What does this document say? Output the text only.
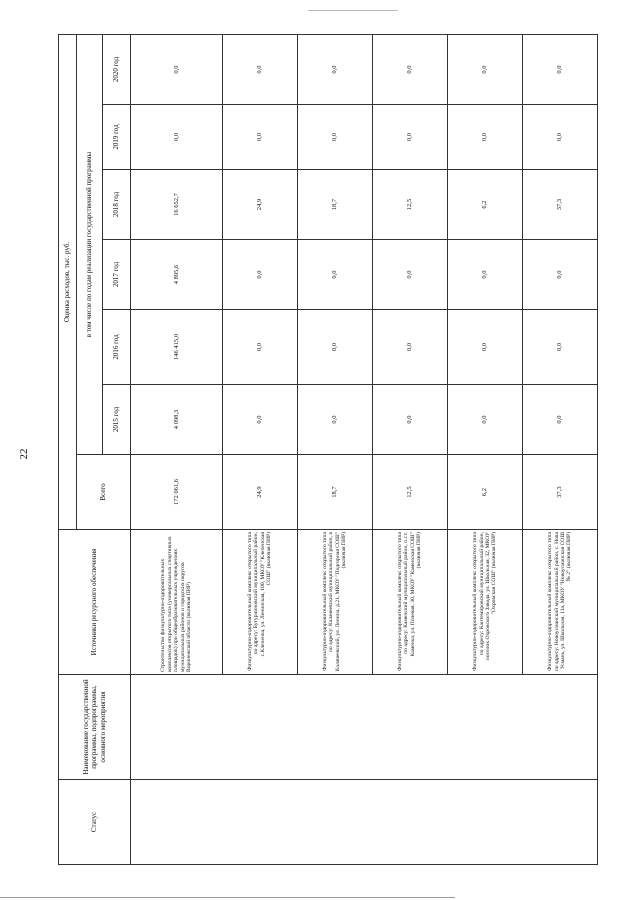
22
Статус	Наименование государственной программы, подпрограммы, основного мероприятия	Источники ресурсного обеспечения	Оценка расходов, тыс. руб.						
			Всего	в том числе по годам реализации государственной программы					
				2015 год	2016 год	2017 год	2018 год	2019 год	2020 год
		Строительство физкультурно-оздоровительных комплексов открытого типа (универсальных спортивных площадок) при общеобразовательных учреждениях муниципальных районов и городских округов Воронежской области (включая ПИР)	172 061,6	4 098,3	146 415,0	4 895,6	16 652,7	0,0	0,0
		Физкультурно-оздоровительный комплекс открытого типа по адресу: Бутурлиновский муниципальный район, с.Клепенка, ул. Ленинская, 100, МКОУ "Клепенская СОШ" (включая ПИР)	24,9	0,0	0,0	0,0	24,9	0,0	0,0
		Физкультурно-оздоровительный комплекс открытого типа по адресу: Калачеевский муниципальный район, в Калачеевский, ул. Ленина, д.21, МКОУ "Подгорная СОШ" (включая ПИР)	18,7	0,0	0,0	0,0	18,7	0,0	0,0
		Физкультурно-оздоровительный комплекс открытого типа по адресу: Каменский муниципальный район, п.г.т. Каменка, ул. Полевая, 30, МКОУ "Каменская СОШ" (включая ПИР)	12,5	0,0	0,0	0,0	12,5	0,0	0,0
		Физкультурно-оздоровительный комплекс открытого типа по адресу: Кантемировский муниципальный район, поселок Охровского Завода, ул. Школьная, 32, МКОУ "Охровская СОШ" (включая ПИР)	6,2	0,0	0,0	0,0	6,2	0,0	0,0
		Физкультурно-оздоровительный комплекс открытого типа по адресу: Новоусманский муниципальный район, с. Нова Усмань, ул. Школьная, 11а, МКОУ "Новоусманская СОШ № 2" (включая ПИР)	37,3	0,0	0,0	0,0	37,3	0,0	0,0
